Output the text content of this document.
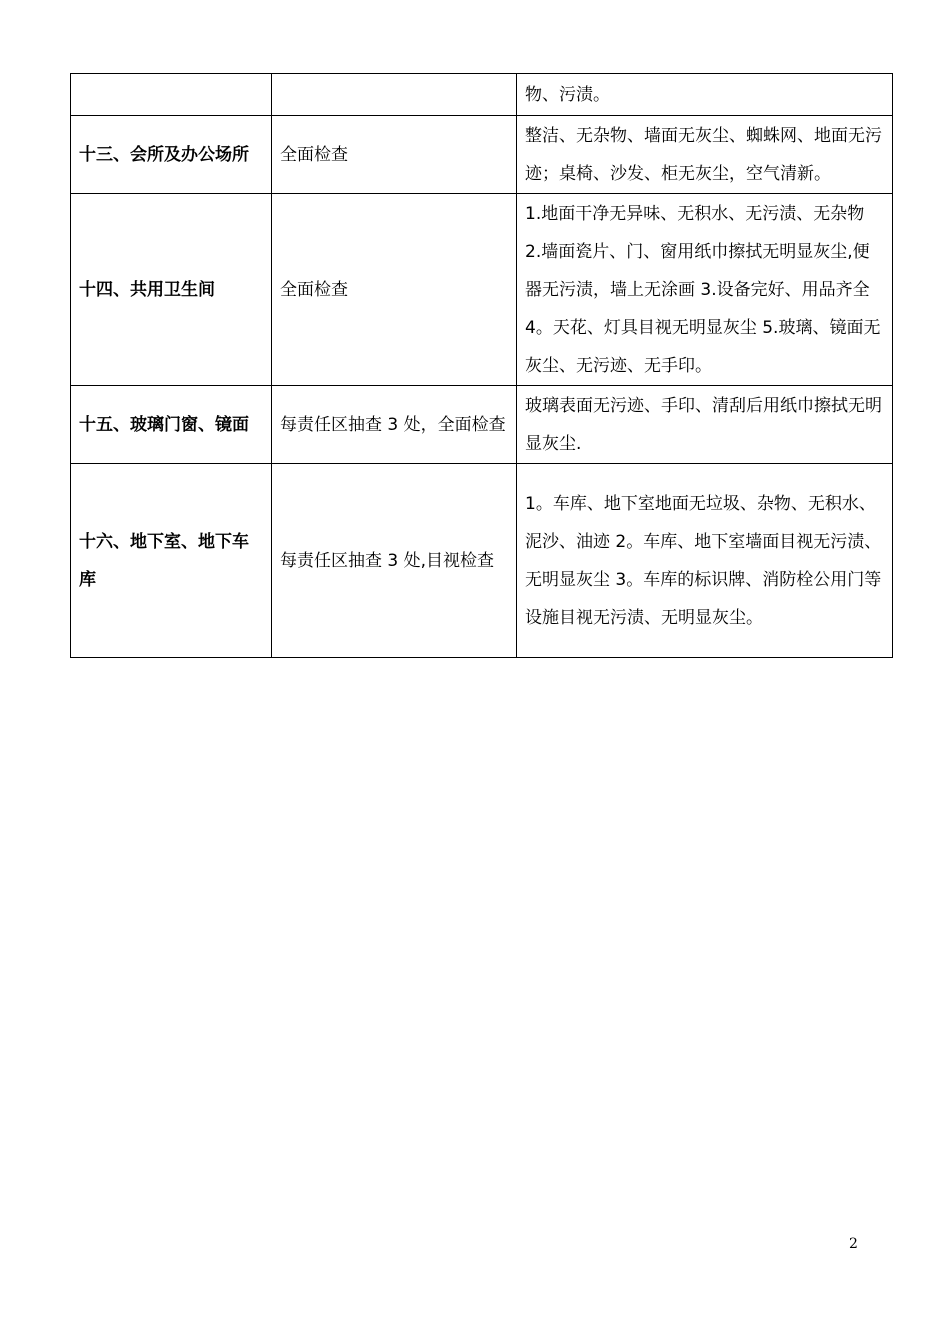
		物、污渍。
十三、会所及办公场所	全面检查	整洁、无杂物、墙面无灰尘、蜘蛛网、地面无污迹；桌椅、沙发、柜无灰尘，空气清新。
十四、共用卫生间	全面检查	1.地面干净无异味、无积水、无污渍、无杂物 2.墙面瓷片、门、窗用纸巾擦拭无明显灰尘,便器无污渍，墙上无涂画 3.设备完好、用品齐全 4。天花、灯具目视无明显灰尘 5.玻璃、镜面无灰尘、无污迹、无手印。
十五、玻璃门窗、镜面	每责任区抽查 3 处，全面检查	玻璃表面无污迹、手印、清刮后用纸巾擦拭无明显灰尘.
十六、地下室、地下车库	每责任区抽查 3 处,目视检查	1。车库、地下室地面无垃圾、杂物、无积水、泥沙、油迹 2。车库、地下室墙面目视无污渍、无明显灰尘 3。车库的标识牌、消防栓公用门等设施目视无污渍、无明显灰尘。
2
